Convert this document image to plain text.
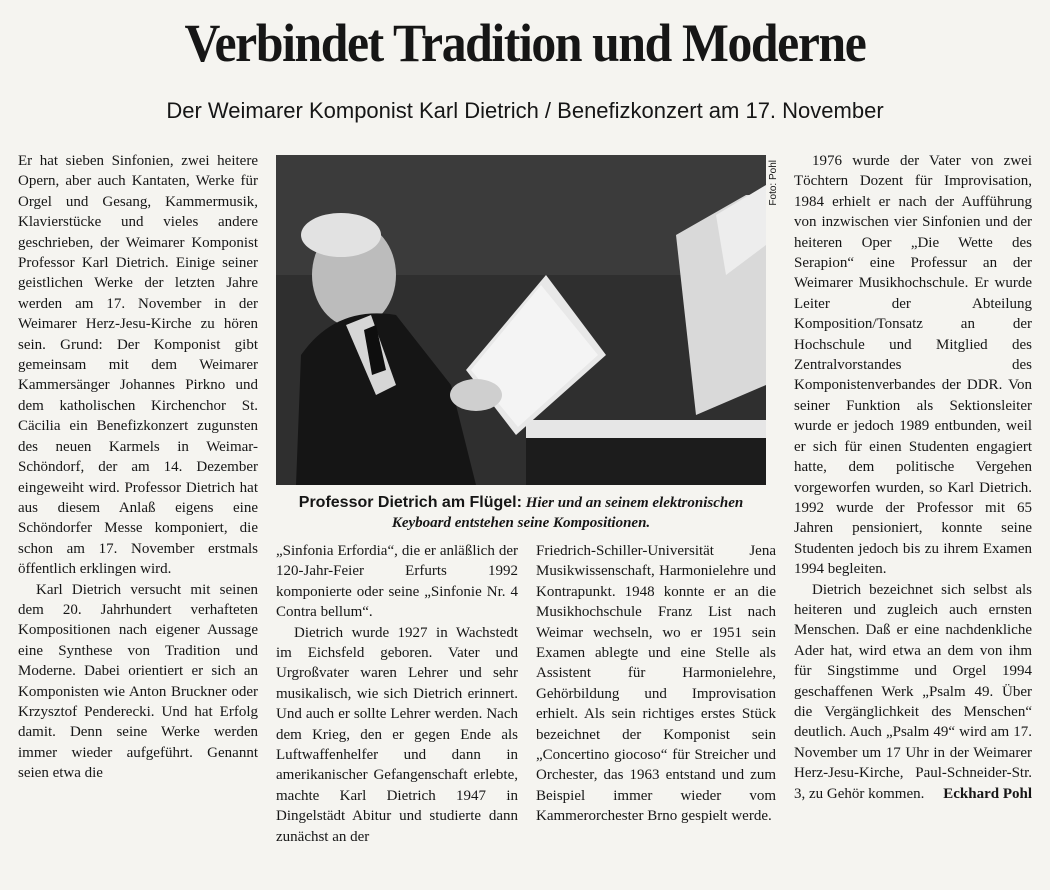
Verbindet Tradition und Moderne
Der Weimarer Komponist Karl Dietrich / Benefizkonzert am 17. November

Er hat sieben Sinfonien, zwei heitere Opern, aber auch Kantaten, Werke für Orgel und Gesang, Kammermusik, Klavierstücke und vieles andere geschrieben, der Weimarer Komponist Professor Karl Dietrich. Einige seiner geistlichen Werke der letzten Jahre werden am 17. November in der Weimarer Herz-Jesu-Kirche zu hören sein. Grund: Der Komponist gibt gemeinsam mit dem Weimarer Kammersänger Johannes Pirkno und dem katholischen Kirchenchor St. Cäcilia ein Benefizkonzert zugunsten des neuen Karmels in Weimar-Schöndorf, der am 14. Dezember eingeweiht wird. Professor Dietrich hat aus diesem Anlaß eigens eine Schöndorfer Messe komponiert, die schon am 17. November erstmals öffentlich erklingen wird.

Karl Dietrich versucht mit seinen dem 20. Jahrhundert verhafteten Kompositionen nach eigener Aussage eine Synthese von Tradition und Moderne. Dabei orientiert er sich an Komponisten wie Anton Bruckner oder Krzysztof Penderecki. Und hat Erfolg damit. Denn seine Werke werden immer wieder aufgeführt. Genannt seien etwa die

Foto: Pohl
Professor Dietrich am Flügel: Hier und an seinem elektronischen Keyboard entstehen seine Kompositionen.

„Sinfonia Erfordia“, die er anläßlich der 120-Jahr-Feier Erfurts 1992 komponierte oder seine „Sinfonie Nr. 4 Contra bellum“.

Dietrich wurde 1927 in Wachstedt im Eichsfeld geboren. Vater und Urgroßvater waren Lehrer und sehr musikalisch, wie sich Dietrich erinnert. Und auch er sollte Lehrer werden. Nach dem Krieg, den er gegen Ende als Luftwaffenhelfer und dann in amerikanischer Gefangenschaft erlebte, machte Karl Dietrich 1947 in Dingelstädt Abitur und studierte dann zunächst an der

Friedrich-Schiller-Universität Jena Musikwissenschaft, Harmonielehre und Kontrapunkt. 1948 konnte er an die Musikhochschule Franz List nach Weimar wechseln, wo er 1951 sein Examen ablegte und eine Stelle als Assistent für Harmonielehre, Gehörbildung und Improvisation erhielt. Als sein richtiges erstes Stück bezeichnet der Komponist sein „Concertino giocoso“ für Streicher und Orchester, das 1963 entstand und zum Beispiel immer wieder vom Kammerorchester Brno gespielt werde.

1976 wurde der Vater von zwei Töchtern Dozent für Improvisation, 1984 erhielt er nach der Aufführung von inzwischen vier Sinfonien und der heiteren Oper „Die Wette des Serapion“ eine Professur an der Weimarer Musikhochschule. Er wurde Leiter der Abteilung Komposition/Tonsatz an der Hochschule und Mitglied des Zentralvorstandes des Komponistenverbandes der DDR. Von seiner Funktion als Sektionsleiter wurde er jedoch 1989 entbunden, weil er sich für einen Studenten engagiert hatte, dem politische Vergehen vorgeworfen wurden, so Karl Dietrich. 1992 wurde der Professor mit 65 Jahren pensioniert, konnte seine Studenten jedoch bis zu ihrem Examen 1994 begleiten.

Dietrich bezeichnet sich selbst als heiteren und zugleich auch ernsten Menschen. Daß er eine nachdenkliche Ader hat, wird etwa an dem von ihm für Singstimme und Orgel 1994 geschaffenen Werk „Psalm 49. Über die Vergänglichkeit des Menschen“ deutlich. Auch „Psalm 49“ wird am 17. November um 17 Uhr in der Weimarer Herz-Jesu-Kirche, Paul-Schneider-Str. 3, zu Gehör kommen.	Eckhard Pohl
